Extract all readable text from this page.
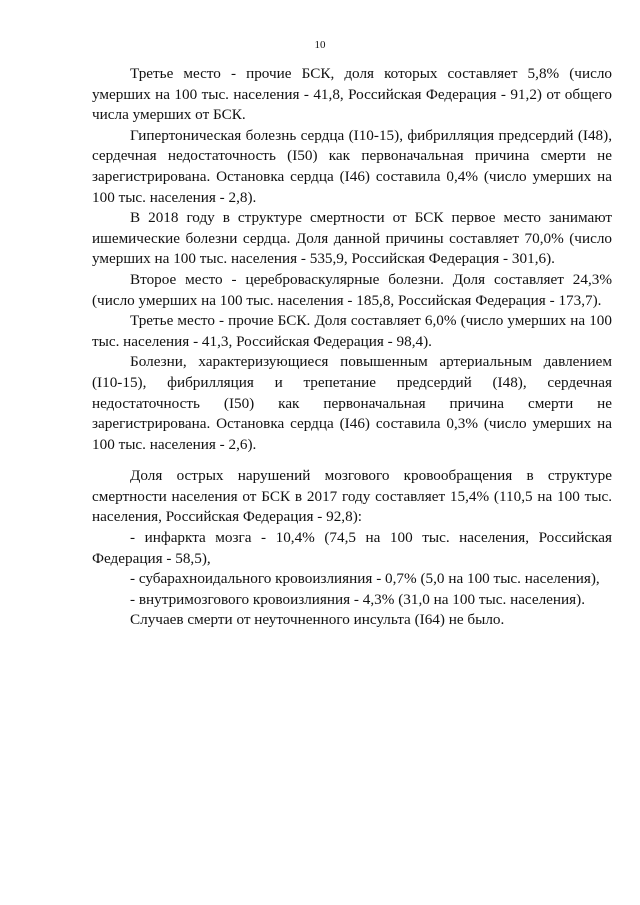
10

Третье место - прочие БСК, доля которых составляет 5,8% (число умерших на 100 тыс. населения - 41,8, Российская Федерация - 91,2) от общего числа умерших от БСК.

Гипертоническая болезнь сердца (I10-15), фибрилляция предсердий (I48), сердечная недостаточность (I50) как первоначальная причина смерти не зарегистрирована. Остановка сердца (I46) составила 0,4% (число умерших на 100 тыс. населения - 2,8).

В 2018 году в структуре смертности от БСК первое место занимают ишемические болезни сердца. Доля данной причины составляет 70,0% (число умерших на 100 тыс. населения - 535,9, Российская Федерация - 301,6).

Второе место - цереброваскулярные болезни. Доля составляет 24,3% (число умерших на 100 тыс. населения - 185,8, Российская Федерация - 173,7).

Третье место - прочие БСК. Доля составляет 6,0% (число умерших на 100 тыс. населения - 41,3, Российская Федерация - 98,4).

Болезни, характеризующиеся повышенным артериальным давлением (I10-15), фибрилляция и трепетание предсердий (I48), сердечная недостаточность (I50) как первоначальная причина смерти не зарегистрирована. Остановка сердца (I46) составила 0,3% (число умерших на 100 тыс. населения - 2,6).

Доля острых нарушений мозгового кровообращения в структуре смертности населения от БСК в 2017 году составляет 15,4% (110,5 на 100 тыс. населения, Российская Федерация - 92,8):

- инфаркта мозга - 10,4% (74,5 на 100 тыс. населения, Российская Федерация - 58,5),

- субарахноидального кровоизлияния - 0,7% (5,0 на 100 тыс. населения),

- внутримозгового кровоизлияния - 4,3% (31,0 на 100 тыс. населения).

Случаев смерти от неуточненного инсульта (I64) не было.
